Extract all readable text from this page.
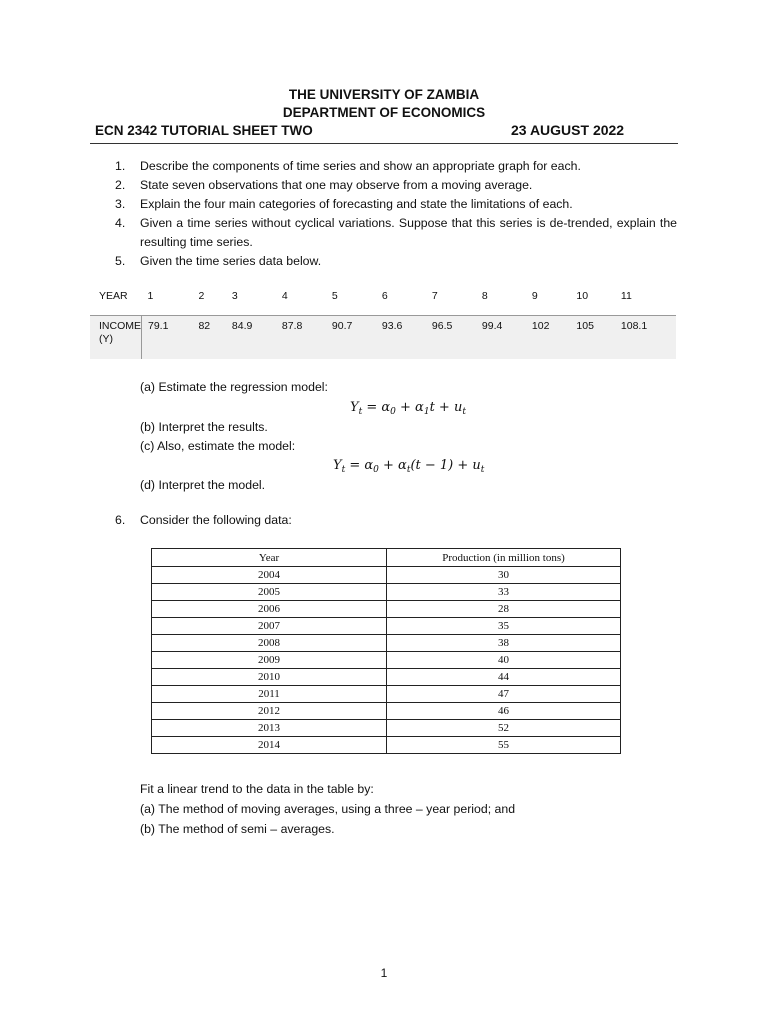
THE UNIVERSITY OF ZAMBIA
DEPARTMENT OF ECONOMICS
ECN 2342 TUTORIAL SHEET TWO	23 AUGUST 2022
1.	Describe the components of time series and show an appropriate graph for each.
2.	State seven observations that one may observe from a moving average.
3.	Explain the four main categories of forecasting and state the limitations of each.
4.	Given a time series without cyclical variations. Suppose that this series is de-trended, explain the resulting time series.
5.	Given the time series data below.
YEAR	1	2	3	4	5	6	7	8	9	10	11

INCOME
(Y)	79.1	82	84.9	87.8	90.7	93.6	96.5	99.4	102	105	108.1
(a) Estimate the regression model:
$Y_t = \alpha_0 + \alpha_1t + u_t$
(b) Interpret the results.
(c) Also, estimate the model:
$Y_t = \alpha_0 + \alpha_t(t - 1) + u_t$
(d) Interpret the model.
6.	Consider the following data:
Year	Production (in million tons)
2004	30
2005	33
2006	28
2007	35
2008	38
2009	40
2010	44
2011	47
2012	46
2013	52
2014	55
Fit a linear trend to the data in the table by:
(a) The method of moving averages, using a three – year period; and
(b) The method of semi – averages.
1
